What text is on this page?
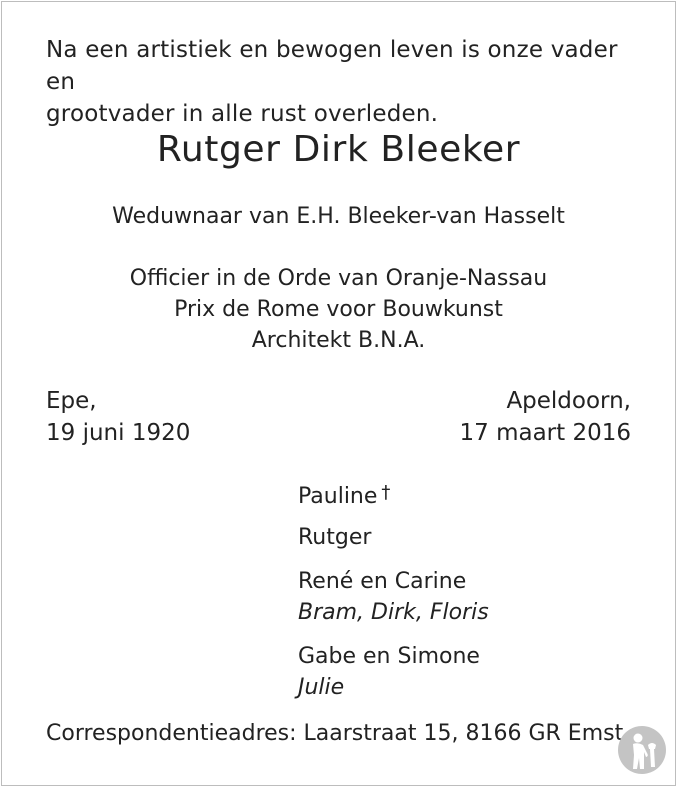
Na een artistiek en bewogen leven is onze vader en
grootvader in alle rust overleden.
Rutger Dirk Bleeker
Weduwnaar van E.H. Bleeker-van Hasselt
Officier in de Orde van Oranje-Nassau
Prix de Rome voor Bouwkunst
Architekt B.N.A.
Epe,
19 juni 1920
Apeldoorn,
17 maart 2016
Pauline †
Rutger
René en Carine
Bram, Dirk, Floris
Gabe en Simone
Julie
Correspondentieadres: Laarstraat 15, 8166 GR Emst
